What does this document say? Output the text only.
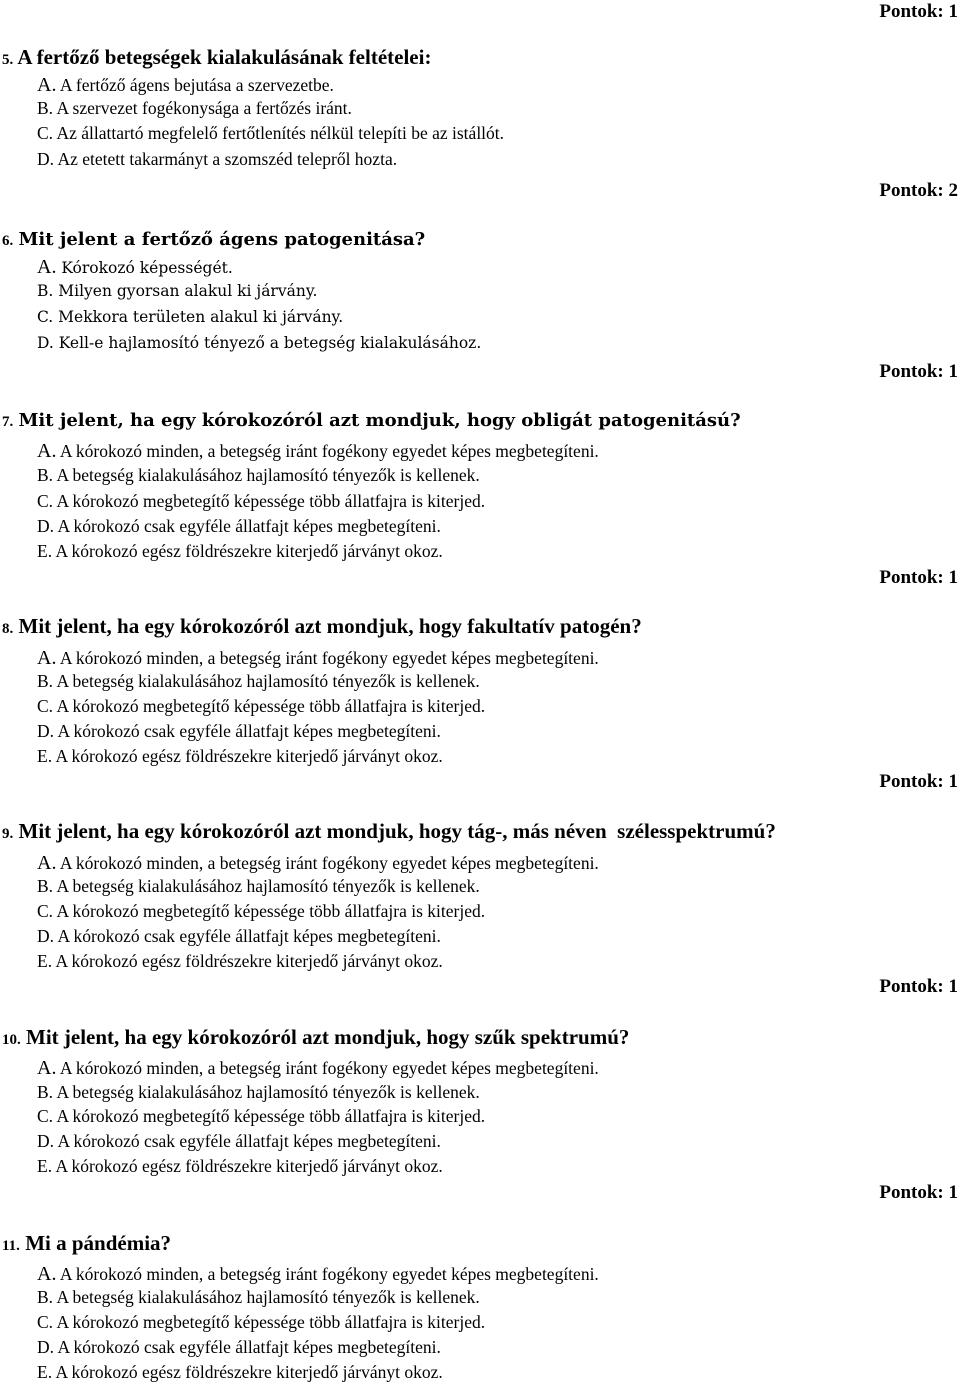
Pontok: 1
5. A fertőző betegségek kialakulásának feltételei:
A. A fertőző ágens bejutása a szervezetbe.
B. A szervezet fogékonysága a fertőzés iránt.
C. Az állattartó megfelelő fertőtlenítés nélkül telepíti be az istállót.
D. Az etetett takarmányt a szomszéd telepről hozta.
Pontok: 2
6. Mit jelent a fertőző ágens patogenitása?
A. Kórokozó képességét.
B. Milyen gyorsan alakul ki járvány.
C. Mekkora területen alakul ki járvány.
D. Kell-e hajlamosító tényező a betegség kialakulásához.
Pontok: 1
7. Mit jelent, ha egy kórokozóról azt mondjuk, hogy obligát patogenitású?
A. A kórokozó minden, a betegség iránt fogékony egyedet képes megbetegíteni.
B. A betegség kialakulásához hajlamosító tényezők is kellenek.
C. A kórokozó megbetegítő képessége több állatfajra is kiterjed.
D. A kórokozó csak egyféle állatfajt képes megbetegíteni.
E. A kórokozó egész földrészekre kiterjedő járványt okoz.
Pontok: 1
8. Mit jelent, ha egy kórokozóról azt mondjuk, hogy fakultatív patogén?
A. A kórokozó minden, a betegség iránt fogékony egyedet képes megbetegíteni.
B. A betegség kialakulásához hajlamosító tényezők is kellenek.
C. A kórokozó megbetegítő képessége több állatfajra is kiterjed.
D. A kórokozó csak egyféle állatfajt képes megbetegíteni.
E. A kórokozó egész földrészekre kiterjedő járványt okoz.
Pontok: 1
9. Mit jelent, ha egy kórokozóról azt mondjuk, hogy tág-, más néven  szélesspektrumú?
A. A kórokozó minden, a betegség iránt fogékony egyedet képes megbetegíteni.
B. A betegség kialakulásához hajlamosító tényezők is kellenek.
C. A kórokozó megbetegítő képessége több állatfajra is kiterjed.
D. A kórokozó csak egyféle állatfajt képes megbetegíteni.
E. A kórokozó egész földrészekre kiterjedő járványt okoz.
Pontok: 1
10. Mit jelent, ha egy kórokozóról azt mondjuk, hogy szűk spektrumú?
A. A kórokozó minden, a betegség iránt fogékony egyedet képes megbetegíteni.
B. A betegség kialakulásához hajlamosító tényezők is kellenek.
C. A kórokozó megbetegítő képessége több állatfajra is kiterjed.
D. A kórokozó csak egyféle állatfajt képes megbetegíteni.
E. A kórokozó egész földrészekre kiterjedő járványt okoz.
Pontok: 1
11. Mi a pándémia?
A. A kórokozó minden, a betegség iránt fogékony egyedet képes megbetegíteni.
B. A betegség kialakulásához hajlamosító tényezők is kellenek.
C. A kórokozó megbetegítő képessége több állatfajra is kiterjed.
D. A kórokozó csak egyféle állatfajt képes megbetegíteni.
E. A kórokozó egész földrészekre kiterjedő járványt okoz.
